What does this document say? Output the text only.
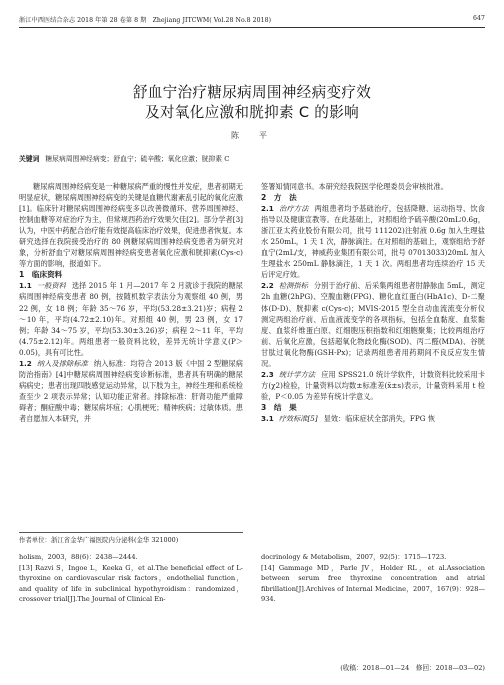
浙江中西医结合杂志 2018 年第 28 卷第 8 期　Zhejiang JITCWM( Vol.28 No.8 2018)	647
舒血宁治疗糖尿病周围神经病变疗效
及对氧化应激和胱抑素 C 的影响
陈　平
关键词 糖尿病周围神经病变；舒血宁；硫辛酸；氧化应激；胱抑素 C

糖尿病周围神经病变是一种糖尿病严重的慢性并发症，患者初期无明显症状，糖尿病周围神经病变的关键是血糖代谢紊乱引起的氧化应激[1]。临床针对糖尿病周围神经病变多以改善微循环、营养周围神经、控制血糖等对症治疗为主，但常规西药治疗效果欠佳[2]。部分学者[3]认为，中医中药配合治疗能有效提高临床治疗效果，促进患者恢复。本研究选择在我院接受治疗的 80 例糖尿病周围神经病变患者为研究对象，分析舒血宁对糖尿病周围神经病变患者氧化应激和胱抑素(Cys-c)等方面的影响，报道如下。

1　临床资料

1.1 一般资料 选择 2015 年 1 月—2017 年 2 月就诊于我院的糖尿病周围神经病变患者 80 例，按随机数字表法分为观察组 40 例，男 22 例，女 18 例；年龄 35～76 岁，平均(53.28±3.21)岁；病程 2～10 年，平均(4.72±2.10)年。对照组 40 例，男 23 例，女 17 例；年龄 34～75 岁，平均(53.30±3.26)岁；病程 2～11 年，平均(4.75±2.12)年。两组患者一般资料比较，差异无统计学意义(P＞0.05)，具有可比性。

1.2 纳入及排除标准 纳入标准：均符合 2013 版《中国 2 型糖尿病防治指南》[4]中糖尿病周围神经病变诊断标准，患者具有明确的糖尿病病史；患者出现四肢感觉运动异常，以下肢为主，神经生理和系统检查至少 2 项表示异常；认知功能正常者。排除标准：肝肾功能严重障碍者；酮症酸中毒；糖尿病坏疽；心肌梗死；精神疾病；过敏体质。患者自愿加入本研究，并

签署知情同意书。本研究经我院医学伦理委员会审核批准。

2　方　法

2.1 治疗方法 两组患者均予基础治疗，包括降糖、运动指导、饮食指导以及健康宣教等。在此基础上，对照组给予硫辛酸(20mL∶0.6g，浙江亚太药业股份有限公司，批号 111202)注射液 0.6g 加入生理盐水 250mL，1 天 1 次，静脉滴注。在对照组的基础上，观察组给予舒血宁(2mL/支，神威药业集团有限公司，批号 07013033)20mL 加入生理盐水 250mL 静脉滴注，1 天 1 次。两组患者均连续治疗 15 天后评定疗效。

2.2 检测指标 分别于治疗前、后采集两组患者肘静脉血 5mL，测定 2h 血糖(2hPG)、空腹血糖(FPG)、糖化血红蛋白(HbA1c)、D-二聚体(D-D)、胱抑素 c(Cys-c)；MVIS-2015 型全自动血流流变分析仪测定两组治疗前、后血液流变学的各项指标，包括全血黏度、血浆黏度、血浆纤维蛋白原、红细胞压积指数和红细胞聚集；比较两组治疗前、后氧化应激，包括超氧化物歧化酶(SOD)、丙二醛(MDA)、谷胱甘肽过氧化物酶(GSH-Px)；记录两组患者用药期间不良反应发生情况。

2.3 统计学方法 应用 SPSS21.0 统计学软件，计数资料比较采用卡方(χ2)检验，计量资料以均数±标准差(x̄±s)表示，计量资料采用 t 检验，P＜0.05 为差异有统计学意义。

3　结　果

3.1 疗效标准[5] 显效：临床症状全部消失，FPG 恢

作者单位：浙江省金华广福医院内分泌科(金华 321000)
holism，2003，88(6)：2438—2444.
[13] Razvi S，Ingoe L，Keeka G，et al.The beneficial effect of L-thyroxine on cardiovascular risk factors，endothelial function，and quality of life in subclinical hypothyroidism：randomized，crossover trial[J].The Journal of Clinical En-
docrinology & Metabolism，2007，92(5)：1715—1723.
[14] Gammage MD，Parle JV，Holder RL，et al.Association between serum free thyroxine concentration and atrial fibrillation[J].Archives of Internal Medicine，2007，167(9)：928—934.
(收稿：2018—01—24　修回：2018—03—02)
